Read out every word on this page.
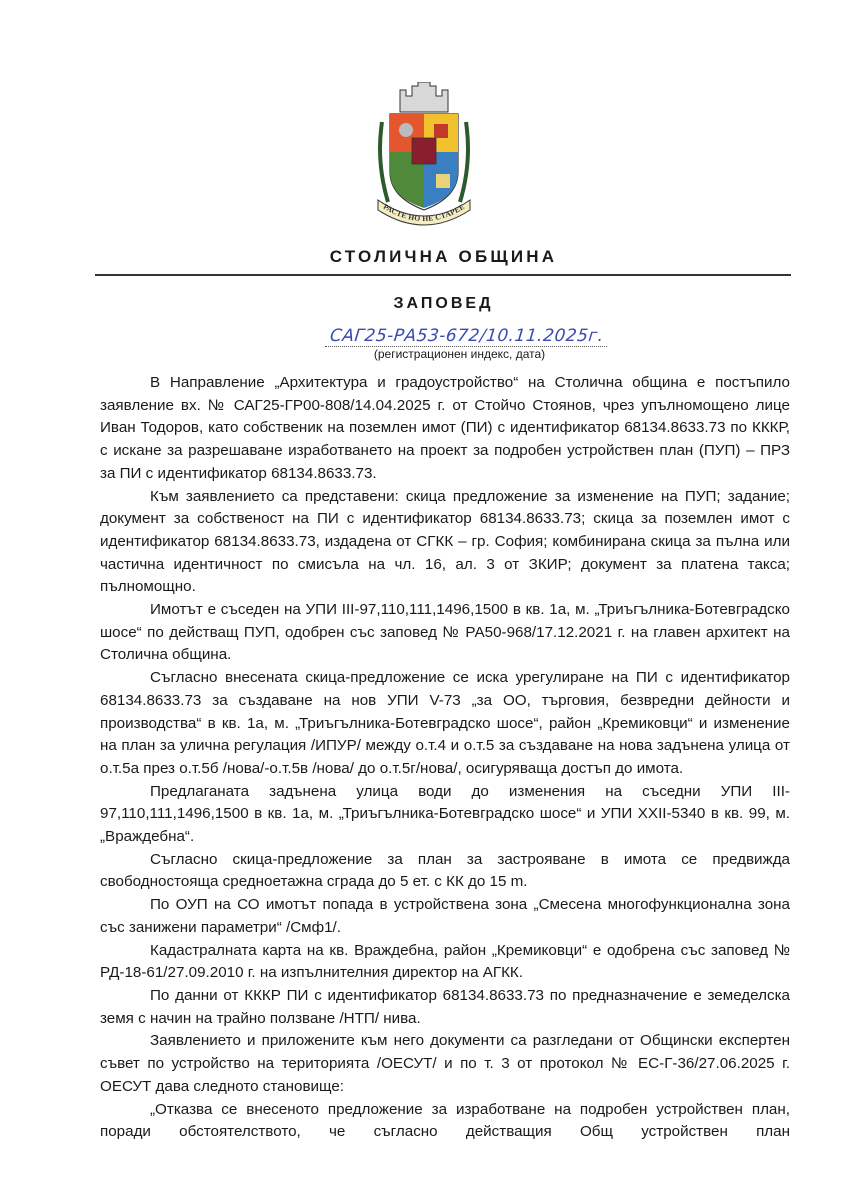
РАСТЕ НО НЕ СТАРЕЕ
СТОЛИЧНА ОБЩИНА
ЗАПОВЕД
САГ25-РА53-672/10.11.2025г.
(регистрационен индекс, дата)

В Направление „Архитектура и градоустройство“ на Столична община е постъпило заявление вх. № САГ25-ГР00-808/14.04.2025 г. от Стойчо Стоянов, чрез упълномощено лице Иван Тодоров, като собственик на поземлен имот (ПИ) с идентификатор 68134.8633.73 по КККР, с искане за разрешаване изработването на проект за подробен устройствен план (ПУП) – ПРЗ за ПИ с идентификатор 68134.8633.73.

Към заявлението са представени: скица предложение за изменение на ПУП; задание; документ за собственост на ПИ с идентификатор 68134.8633.73; скица за поземлен имот с идентификатор 68134.8633.73, издадена от СГКК – гр. София; комбинирана скица за пълна или частична идентичност по смисъла на чл. 16, ал. 3 от ЗКИР; документ за платена такса; пълномощно.

Имотът е съседен на УПИ III-97,110,111,1496,1500 в кв. 1а, м. „Триъгълника-Ботевградско шосе“ по действащ ПУП, одобрен със заповед № РА50-968/17.12.2021 г. на главен архитект на Столична община.

Съгласно внесената скица-предложение се иска урегулиране на ПИ с идентификатор 68134.8633.73 за създаване на нов УПИ V-73 „за ОО, търговия, безвредни дейности и производства“ в кв. 1а, м. „Триъгълника-Ботевградско шосе“, район „Кремиковци“ и изменение на план за улична регулация /ИПУР/ между о.т.4 и о.т.5 за създаване на нова задънена улица от о.т.5а през о.т.5б /нова/-о.т.5в /нова/ до о.т.5г/нова/, осигуряваща достъп до имота.

Предлаганата задънена улица води до изменения на съседни УПИ III-97,110,111,1496,1500 в кв. 1а, м. „Триъгълника-Ботевградско шосе“ и УПИ XXII-5340 в кв. 99, м. „Враждебна“.

Съгласно скица-предложение за план за застрояване в имота се предвижда свободностояща средноетажна сграда до 5 ет. с КК до 15 m.

По ОУП на СО имотът попада в устройствена зона „Смесена многофункционална зона със занижени параметри“ /Смф1/.

Кадастралната карта на кв. Враждебна, район „Кремиковци“ е одобрена със заповед № РД-18-61/27.09.2010 г. на изпълнителния директор на АГКК.

По данни от КККР ПИ с идентификатор 68134.8633.73 по предназначение е земеделска земя с начин на трайно ползване /НТП/ нива.

Заявлението и приложените към него документи са разгледани от Общински експертен съвет по устройство на територията /ОЕСУТ/ и по т. 3 от протокол № ЕС-Г-36/27.06.2025 г. ОЕСУТ дава следното становище:

„Отказва се внесеното предложение за изработване на подробен устройствен план, поради обстоятелството, че съгласно действащия Общ устройствен план
